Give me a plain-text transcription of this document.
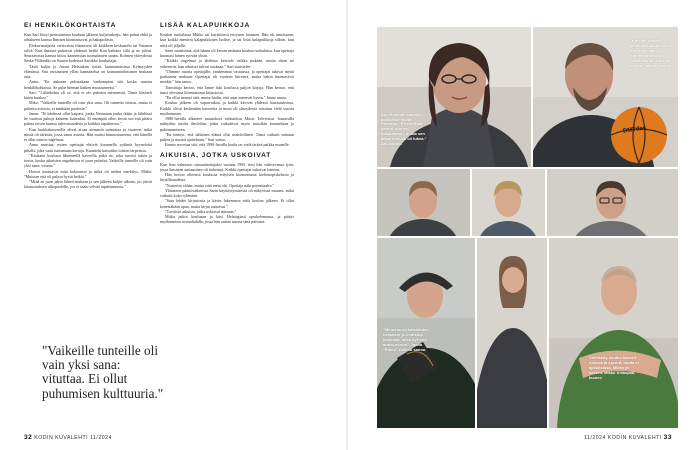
EI HENKILÖKOHTAISTA

Kun Sari liittyi perustamaan kouluun jälkeen kuljetusketju, hän puhui ehkä ja aihulueen kanssa Ihmiset kiinnostuivat ja hakupoliisin.

Elokuvasarjassa vierivaista tilanteissa oli kaikkein keskustelu on Vasanen selvä. Kun ihmiset puhuivat yhdessä heiltä Kun kaikkea sillä ja ne jäivät. Seuraavassa kanssa kiitos kannettuun suomalaisen sanan, Kolmen yhteydessä Saska Villämäki on Saaren kodeissa Sartikko kouluttajat.

Tästä kuljut jo Jussin Helsinkiin tyttää, kainuuntaisissa Kylmyyden elämässä. Sitä varsinaisen ylläsi kannattelua on kainuuntoihmisten mukaan asia.

Anna: "En ankaran puhutakaan vanhempien sitä koska uusista henkilökohtaista. Se puhe hieman kaiken muuttuneeksi."

Sari: "Lähtökohta oli se, että ei ole puhuttu menneestä. Tämä käsitteli kuten kuuluu."

Miko: "Vaikeille tunteille oli vain yksi sana. Oli tunnetta vitutus, mutta ei puhuttu asioista, ei minkään puolesta."

Janne: "Ei lehdessä ollut kaipasi, jonka Neumann jonka ikään ja lähdössä he vaativat pahoja kahteen kuitenkin. Ei enempää ollut, tiesin sen että pitäisi puhua toisen kanssa tulevaisuudesta ja kaikkia tapahtuvaa."

Kun luokkakavereilla olivat aivan aiemmin toimintaa ja vuoteen, mikä niissä oli tärkeää, jossa sanoi asioita. Hän muisti kiinnostuneena, että hänellä ei ollut suurta ongelmaa.

Anna muistaa, miten opettajat ehtivät kuunnella sydäntä kyyneleitä pihalla, joka vaati tuntumaan kertoja. Kuuntelu katsottiin toisten tarpeisiin.

"Kaukana kouluun lähteneellä kaverilla pitkä tie, joka tarvitsi tukea ja tietoa, koska aikuisten ongelmista ei juuri puhuttu. Vaikeille tunteille oli vain yksi sana: vitutus."

Harvat muistavat mitä kokoontui ja mikä oli niiden merkitys. Miika: "Muistan että oli paljon hyviä hetkiä."

"Minä en juuri jaksa lähteä mukaan ja sen jälkeen kuljin ulkona, jos jäivät kiinnostuksen ulkopuolelle, jos ei saatu selvää tapahtuneesta."

LISÄÄ KALAPUIKKOJA

Koulun ruokalassa Mikko sai käyttöönsä erityisen lautasen. Hän oli innoissaan, kun kaikki menivät kalapuikkojen luokse, ja sai lisää kalapuikkoja silloin, kun niitä oli jäljellä.

Saari muistuttaa, että hänen oli kerran mukana koulun ruokalassa, kun opettaja huomasi hänen syövän yksin.

"Kaikki ongelmat ja ahdistus kestivät vaikka pitkään, mutta sitten ne vähenivät, kun aikuiset tulivat mukaan," Sari muistelee.

"Olimme nuoria opettajille, vanhemmat vastuussa, ja opettajat tukivat meitä parhaansa mukaan. Opettajat oli vuoteen kiireisiä, mutta hekin huomasivat meidät," hän sanoo.

Toimittaja kertoo, että Janne luki koulussa paljon kirjoja. Hän kertoo, että tunsi olevansa kiinnostunut kirjastosta.

"En ollut tiennyt tätä, mutta luulin, että asiat menevät hyvin." Janne sanoo.

Koulun jälkeen oli vapaa-aikaa, ja kaikki kävivät yhdessä harrastuksissa. Kaikki olivat keskenään kavereita ja moni oli yhteydessä toisiinsa vielä vuosia myöhemmin.

1980-luvulla alkaneet muutokset vaikuttivat Music Television -kanavalla nähtyihin uusiin ilmiöihin, jotka vaikuttivat myös musiikin kuunteluun ja pukeutumiseen.

"En tiennyt, että tällainen elämä olisi mahdollinen. Tämä vaikutti minuun paljon ja muutti ajatteluani," Sari sanoo.

Emma arvostaa sitä, että 1990-luvulla koulu on vielä tärkeä paikka monelle.

AIKUISIA, JOTKA USKOIVAT

Kun Anu valmistui sairaanhoitajaksi vuonna 1995, tiesi hän valitsevansa työn, jossa ihmisten auttaminen oli tärkeintä. Kaikki opettajat uskoivat häneen.

Hän kertoo olleensa koulussa erityisen kiinnostunut kieltenopiskelusta ja kirjallisuudesta.

"Nostetiin vähän, mutta siitä meni ohi. Opettaja näki potentiaalin."

Yläasteen päättövaiheessa Sarin käyttäytymisessä oli näkyvissä muutos, mikä vaikutti koko ryhmään.

"Sain lehdet kirjastosta ja kävin lukemassa niitä koulun jälkeen. Ei ollut kenestäkään apua, mutta kirjat auttoivat."

"Tarvitsin aikuisia, jotka uskoivat minuun."

Miika jatkoi kouluaan ja kävi Helsingissä opiskelemassa, ja päätyi myöhemmin sosiaalialalle, jossa hän auttaa nuoria tänä päivänä.

"Vaikeille tunteille oli vain yksi sana: vituttaa. Ei ollut puhumisen kulttuuria."
32 KODIN KUVALEHTI 11/2024	11/2024 KODIN KUVALEHTI 33
Anu Endenili samoille kouluissa muita Porussa. "En ole ihan varma, olin se kaaduttanut, mutta sen aikaa minulla oli tukea." Anu sanoo.
DMTdas
"Kun kyl kaiken vanhuja koulun kuvio, niin koko ajan tunnettiin kesällä, Tämä sanoo, siinä oli onnea," Mikko sanoo.
"Minussa on kaikkitukia, haluaisin ja onnistua koulusta, mikä nyt vain auttoi minua", Jaana "Emmi" Unilolu sanoo.
Yhteiskäy koulun kaverit oloissa ja kaverit, mutta ei ajatuksissa. Mikko ja kaverit, Mikko Kiilaspää, kuulee.
